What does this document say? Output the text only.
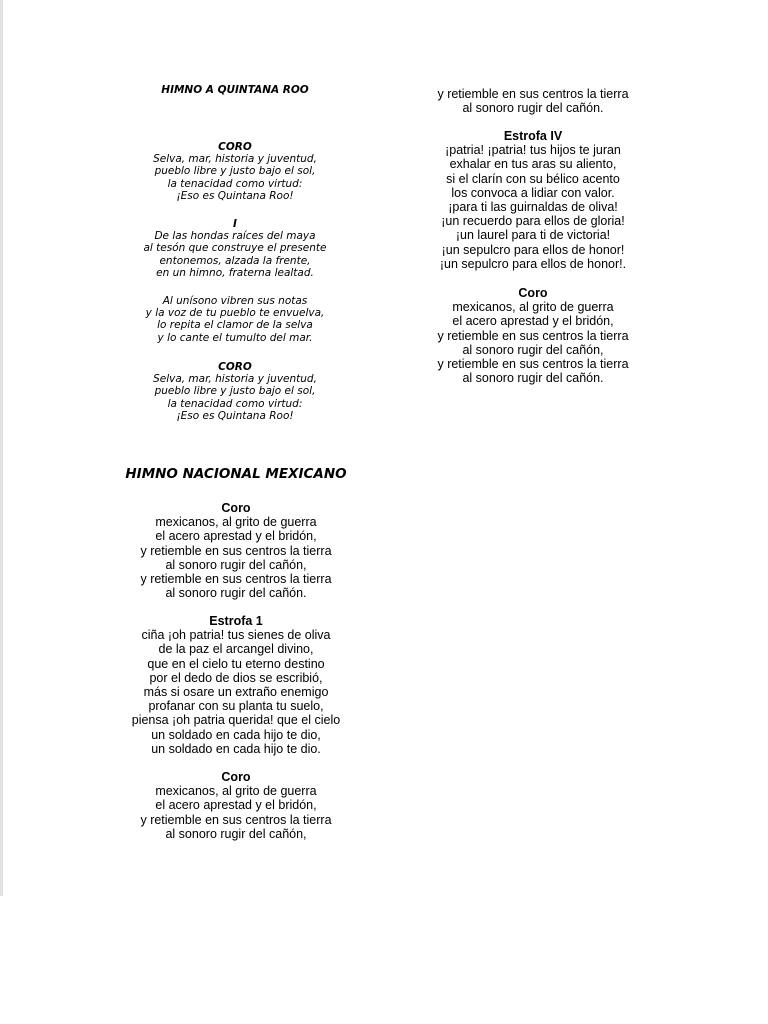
HIMNO A QUINTANA ROO
CORO
Selva, mar, historia y juventud,
pueblo libre y justo bajo el sol,
la tenacidad como virtud:
¡Eso es Quintana Roo!
I
De las hondas raíces del maya
al tesón que construye el presente
entonemos, alzada la frente,
en un himno, fraterna lealtad.
Al unísono vibren sus notas
y la voz de tu pueblo te envuelva,
lo repita el clamor de la selva
y lo cante el tumulto del mar.
CORO
Selva, mar, historia y juventud,
pueblo libre y justo bajo el sol,
la tenacidad como virtud:
¡Eso es Quintana Roo!
HIMNO NACIONAL MEXICANO
Coro
mexicanos, al grito de guerra
el acero aprestad y el bridón,
y retiemble en sus centros la tierra
al sonoro rugir del cañón,
y retiemble en sus centros la tierra
al sonoro rugir del cañón.
Estrofa 1
ciña ¡oh patria! tus sienes de oliva
de la paz el arcangel divino,
que en el cielo tu eterno destino
por el dedo de dios se escribió,
más si osare un extraño enemigo
profanar con su planta tu suelo,
piensa ¡oh patria querida! que el cielo
un soldado en cada hijo te dio,
un soldado en cada hijo te dio.
Coro
mexicanos, al grito de guerra
el acero aprestad y el bridón,
y retiemble en sus centros la tierra
al sonoro rugir del cañón,
y retiemble en sus centros la tierra
al sonoro rugir del cañón.
Estrofa IV
¡patria! ¡patria! tus hijos te juran
exhalar en tus aras su aliento,
si el clarín con su bélico acento
los convoca a lidiar con valor.
¡para ti las guirnaldas de oliva!
¡un recuerdo para ellos de gloria!
¡un laurel para ti de victoria!
¡un sepulcro para ellos de honor!
¡un sepulcro para ellos de honor!.
Coro
mexicanos, al grito de guerra
el acero aprestad y el bridón,
y retiemble en sus centros la tierra
al sonoro rugir del cañón,
y retiemble en sus centros la tierra
al sonoro rugir del cañón.
